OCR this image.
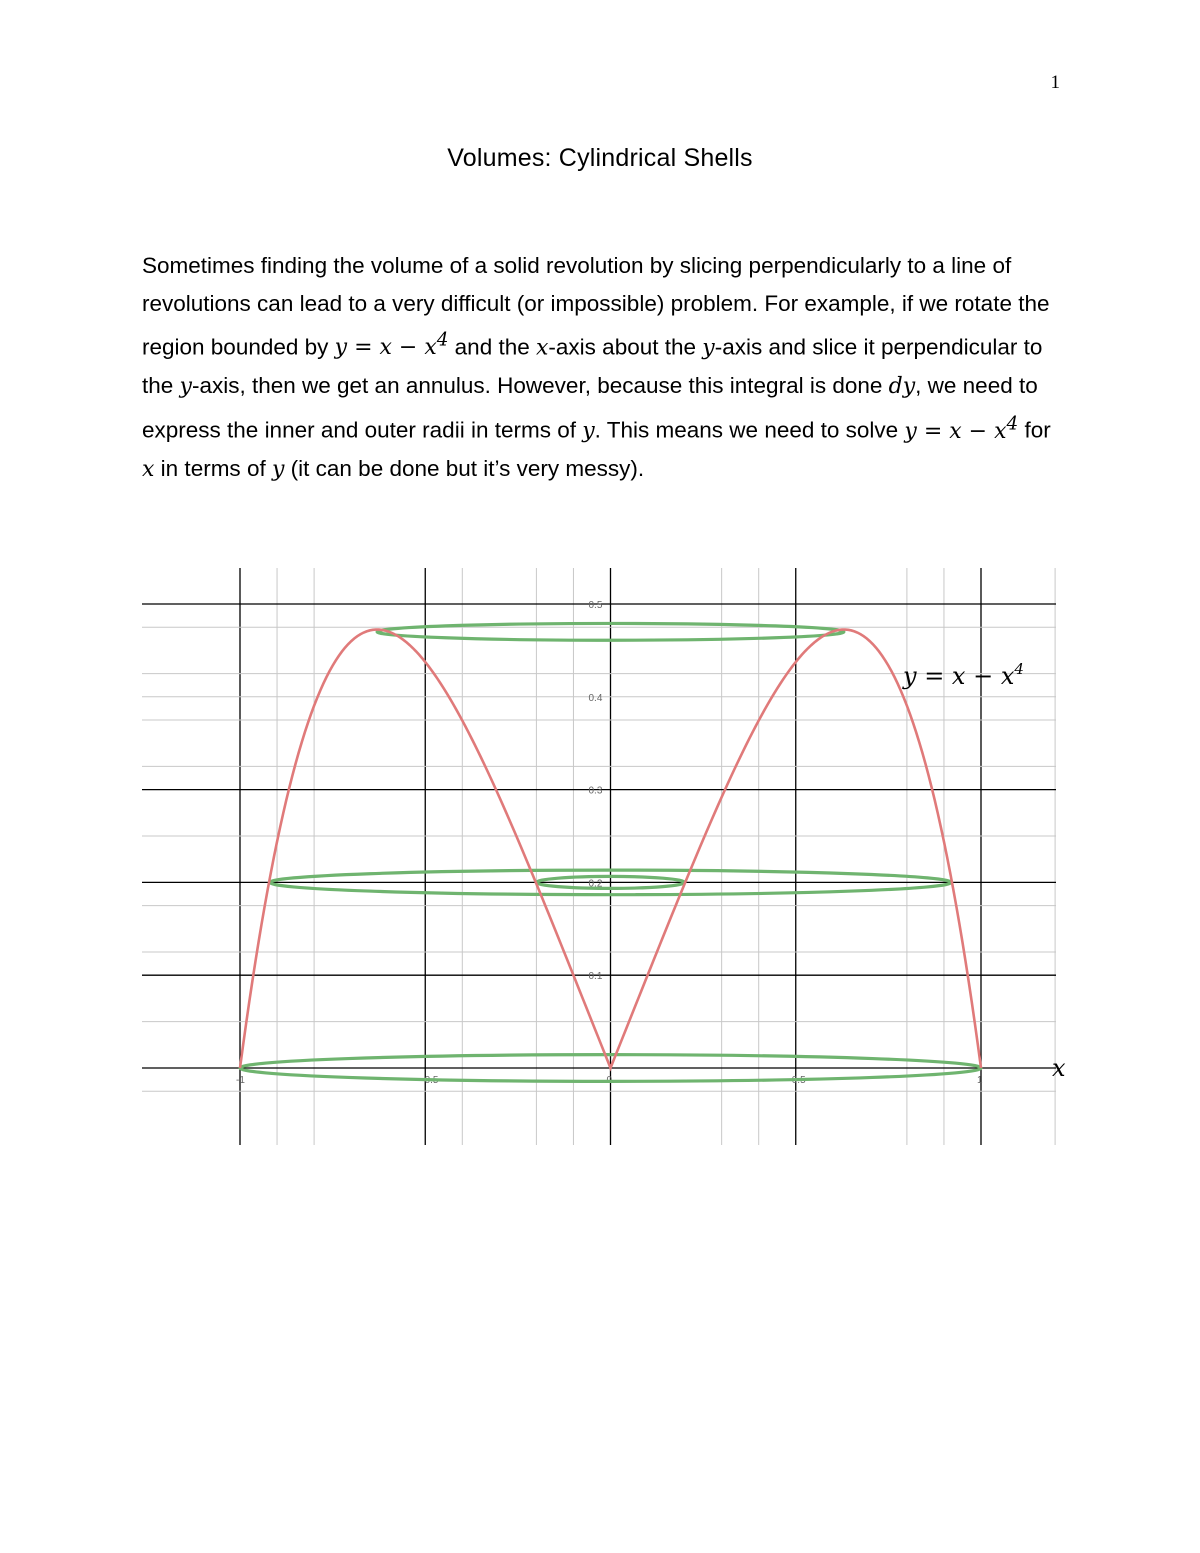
1
Volumes: Cylindrical Shells
Sometimes finding the volume of a solid revolution by slicing perpendicularly to a line of revolutions can lead to a very difficult (or impossible) problem. For example, if we rotate the region bounded by $y = x - x^4$ and the x-axis about the y-axis and slice it perpendicular to the y-axis, then we get an annulus. However, because this integral is done dy, we need to express the inner and outer radii in terms of y. This means we need to solve $y = x - x^4$ for x in terms of y (it can be done but it’s very messy).
-1	-0.5	0	0.5	1
0.1
0.2
0.3
0.4
0.5
$y = x - x^4$
x
